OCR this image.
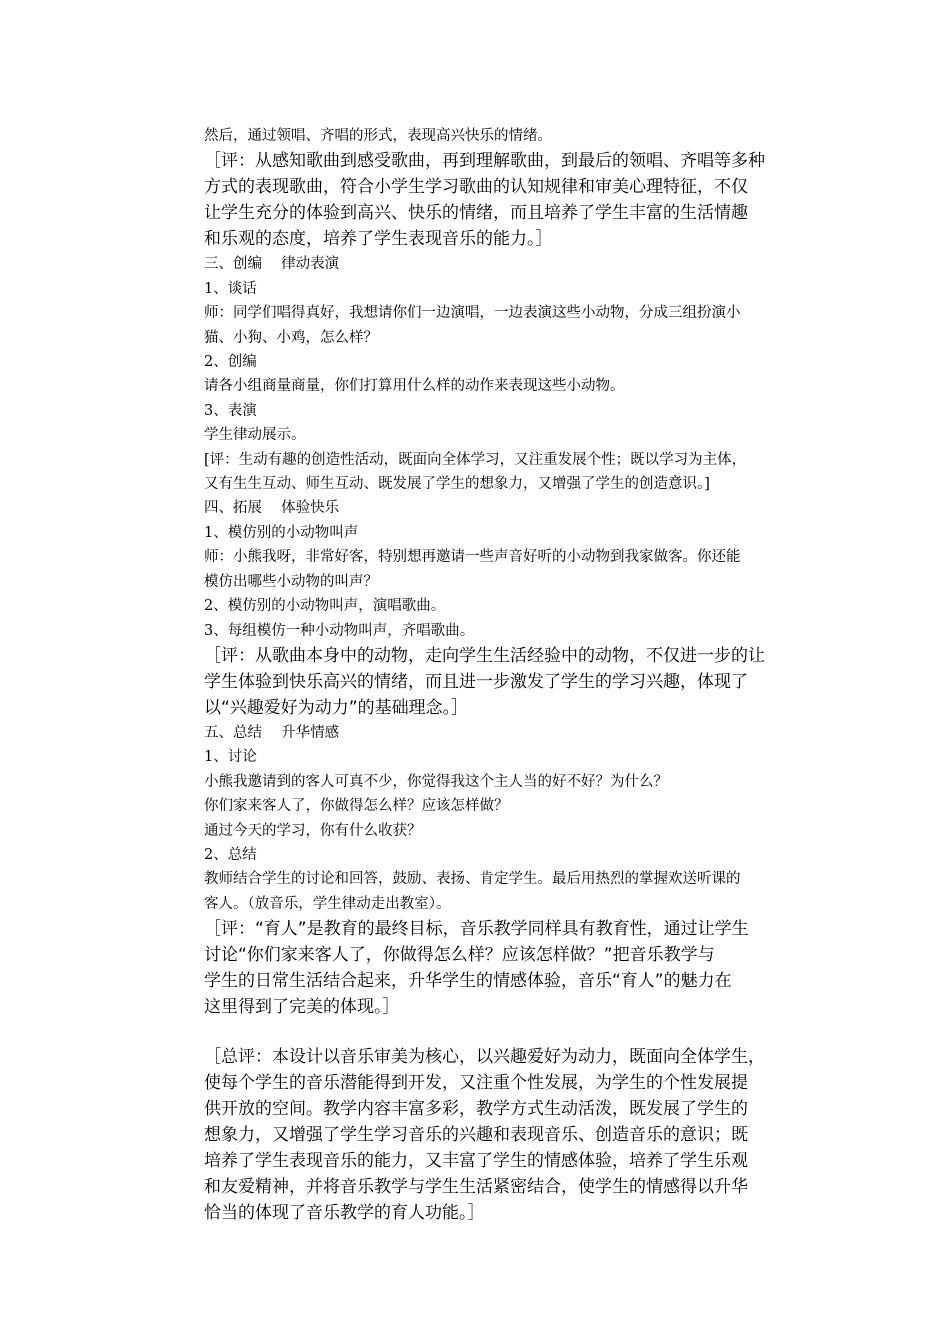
然后，通过领唱、齐唱的形式，表现高兴快乐的情绪。

［评：从感知歌曲到感受歌曲，再到理解歌曲，到最后的领唱、齐唱等多种

方式的表现歌曲，符合小学生学习歌曲的认知规律和审美心理特征，不仅

让学生充分的体验到高兴、快乐的情绪，而且培养了学生丰富的生活情趣

和乐观的态度，培养了学生表现音乐的能力。］

三、创编　 律动表演

1、谈话

师：同学们唱得真好，我想请你们一边演唱，一边表演这些小动物，分成三组扮演小

猫、小狗、小鸡，怎么样？

2、创编

请各小组商量商量，你们打算用什么样的动作来表现这些小动物。

3、表演

学生律动展示。

[评：生动有趣的创造性活动，既面向全体学习，又注重发展个性；既以学习为主体，

又有生生互动、师生互动、既发展了学生的想象力，又增强了学生的创造意识。]

四、拓展　 体验快乐

1、模仿别的小动物叫声

师：小熊我呀，非常好客，特别想再邀请一些声音好听的小动物到我家做客。你还能

模仿出哪些小动物的叫声？

2、模仿别的小动物叫声，演唱歌曲。

3、每组模仿一种小动物叫声，齐唱歌曲。

［评：从歌曲本身中的动物，走向学生生活经验中的动物，不仅进一步的让

学生体验到快乐高兴的情绪，而且进一步激发了学生的学习兴趣，体现了

以“兴趣爱好为动力”的基础理念。］

五、总结　 升华情感

1、讨论

小熊我邀请到的客人可真不少，你觉得我这个主人当的好不好？为什么？

你们家来客人了，你做得怎么样？应该怎样做？

通过今天的学习，你有什么收获？

2、总结

教师结合学生的讨论和回答，鼓励、表扬、肯定学生。最后用热烈的掌握欢送听课的

客人。（放音乐，学生律动走出教室）。

［评：“育人”是教育的最终目标，音乐教学同样具有教育性，通过让学生

讨论“你们家来客人了，你做得怎么样？应该怎样做？”把音乐教学与

学生的日常生活结合起来，升华学生的情感体验，音乐“育人”的魅力在

这里得到了完美的体现。］

［总评：本设计以音乐审美为核心，以兴趣爱好为动力，既面向全体学生，

使每个学生的音乐潜能得到开发，又注重个性发展，为学生的个性发展提

供开放的空间。教学内容丰富多彩，教学方式生动活泼，既发展了学生的

想象力，又增强了学生学习音乐的兴趣和表现音乐、创造音乐的意识；既

培养了学生表现音乐的能力，又丰富了学生的情感体验，培养了学生乐观

和友爱精神，并将音乐教学与学生生活紧密结合，使学生的情感得以升华

恰当的体现了音乐教学的育人功能。］
